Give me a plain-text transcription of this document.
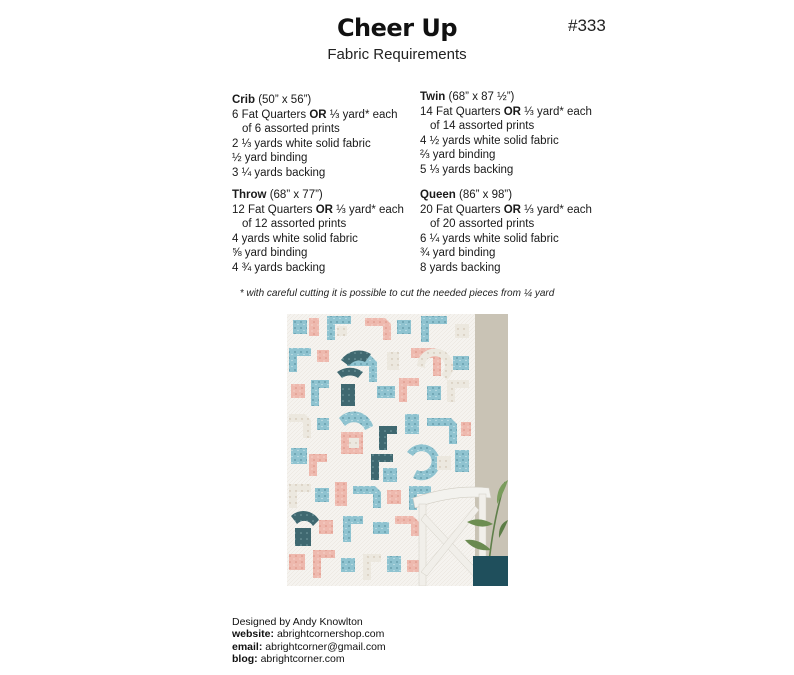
Cheer Up	#333
Fabric Requirements
Crib (50” x 56”)
6 Fat Quarters OR ⅓ yard* each
of 6 assorted prints
2 ⅓ yards white solid fabric
½ yard binding
3 ¼ yards backing
Throw (68” x 77”)
12 Fat Quarters OR ⅓ yard* each
of 12 assorted prints
4 yards white solid fabric
⅝ yard binding
4 ¾ yards backing
Twin (68” x 87 ½”)
14 Fat Quarters OR ⅓ yard* each
of 14 assorted prints
4 ½ yards white solid fabric
⅔ yard binding
5 ⅓ yards backing
Queen (86” x 98”)
20 Fat Quarters OR ⅓ yard* each
of 20 assorted prints
6 ¼ yards white solid fabric
¾ yard binding
8 yards backing
* with careful cutting it is possible to cut the needed pieces from ¼ yard
Designed by Andy Knowlton
website: abrightcornershop.com
email: abrightcorner@gmail.com
blog: abrightcorner.com
